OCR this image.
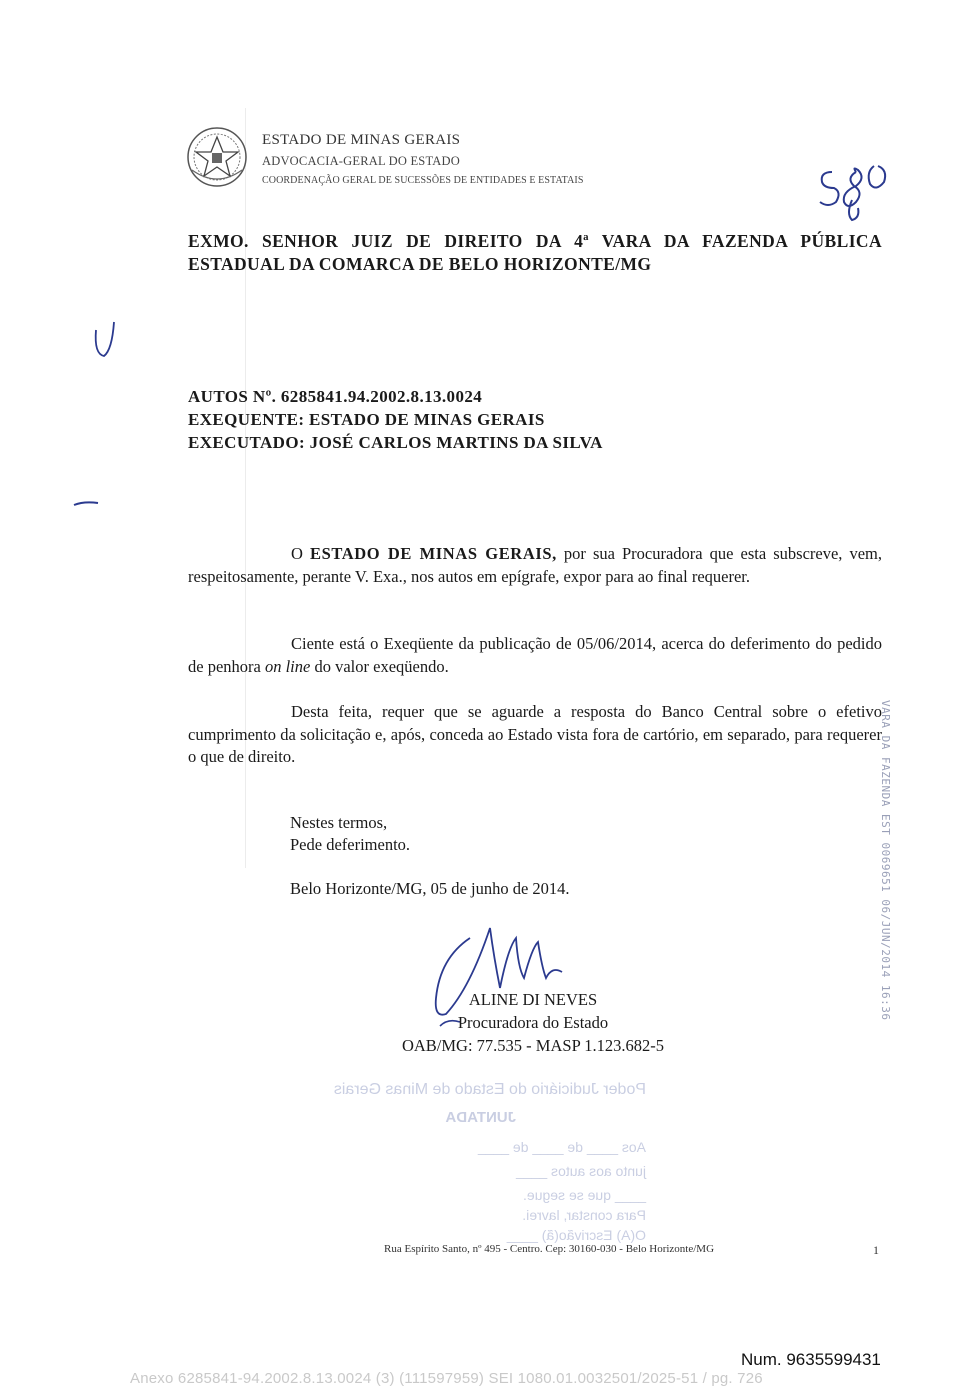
ESTADO DE MINAS GERAIS
ADVOCACIA-GERAL DO ESTADO
COORDENAÇÃO GERAL DE SUCESSÕES DE ENTIDADES E ESTATAIS
EXMO. SENHOR JUIZ DE DIREITO DA 4ª VARA DA FAZENDA PÚBLICA
ESTADUAL DA COMARCA DE BELO HORIZONTE/MG
AUTOS Nº. 6285841.94.2002.8.13.0024
EXEQUENTE: ESTADO DE MINAS GERAIS
EXECUTADO: JOSÉ CARLOS MARTINS DA SILVA
O ESTADO DE MINAS GERAIS, por sua Procuradora que esta subscreve, vem, respeitosamente, perante V. Exa., nos autos em epígrafe, expor para ao final requerer.
Ciente está o Exeqüente da publicação de 05/06/2014, acerca do deferimento do pedido de penhora on line do valor exeqüendo.
Desta feita, requer que se aguarde a resposta do Banco Central sobre o efetivo cumprimento da solicitação e, após, conceda ao Estado vista fora de cartório, em separado, para requerer o que de direito.
Nestes termos,
Pede deferimento.
Belo Horizonte/MG, 05 de junho de 2014.
ALINE DI NEVES
Procuradora do Estado
OAB/MG: 77.535 - MASP 1.123.682-5
VARA DA FAZENDA EST 0069651 06/JUN/2014 16:36
Poder Judiciário do Estado de Minas Gerais
JUNTADA
Aos ____ de ____ de ____
junto aos autos ____
____ que se segue.
Para constar, lavrei.
O(A) Escrivão(ã) ____
Rua Espírito Santo, nº 495 - Centro. Cep: 30160-030 - Belo Horizonte/MG	1
Num. 9635599431
Anexo 6285841-94.2002.8.13.0024 (3) (111597959) SEI 1080.01.0032501/2025-51 / pg. 726
